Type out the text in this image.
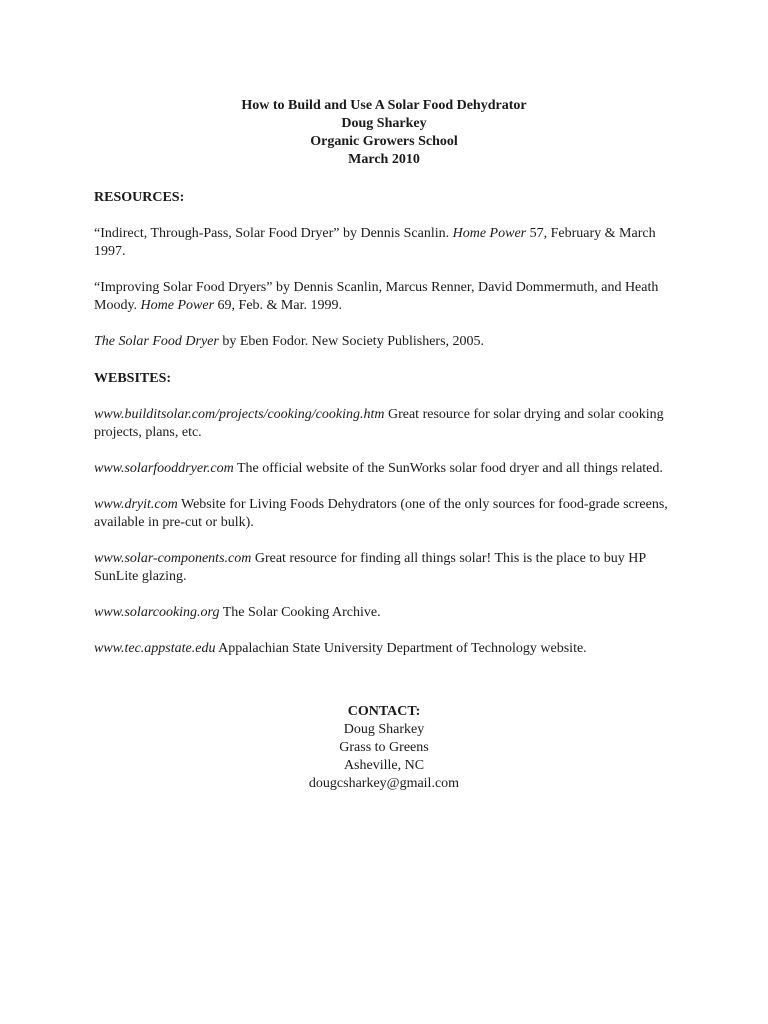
How to Build and Use A Solar Food Dehydrator
Doug Sharkey
Organic Growers School
March 2010
RESOURCES:

“Indirect, Through-Pass, Solar Food Dryer” by Dennis Scanlin. Home Power 57, February & March 1997.

“Improving Solar Food Dryers” by Dennis Scanlin, Marcus Renner, David Dommermuth, and Heath Moody. Home Power 69, Feb. & Mar. 1999.

The Solar Food Dryer by Eben Fodor. New Society Publishers, 2005.

WEBSITES:

www.builditsolar.com/projects/cooking/cooking.htm Great resource for solar drying and solar cooking projects, plans, etc.

www.solarfooddryer.com The official website of the SunWorks solar food dryer and all things related.

www.dryit.com Website for Living Foods Dehydrators (one of the only sources for food-grade screens, available in pre-cut or bulk).

www.solar-components.com Great resource for finding all things solar! This is the place to buy HP SunLite glazing.

www.solarcooking.org The Solar Cooking Archive.

www.tec.appstate.edu Appalachian State University Department of Technology website.

CONTACT:
Doug Sharkey
Grass to Greens
Asheville, NC
dougcsharkey@gmail.com
